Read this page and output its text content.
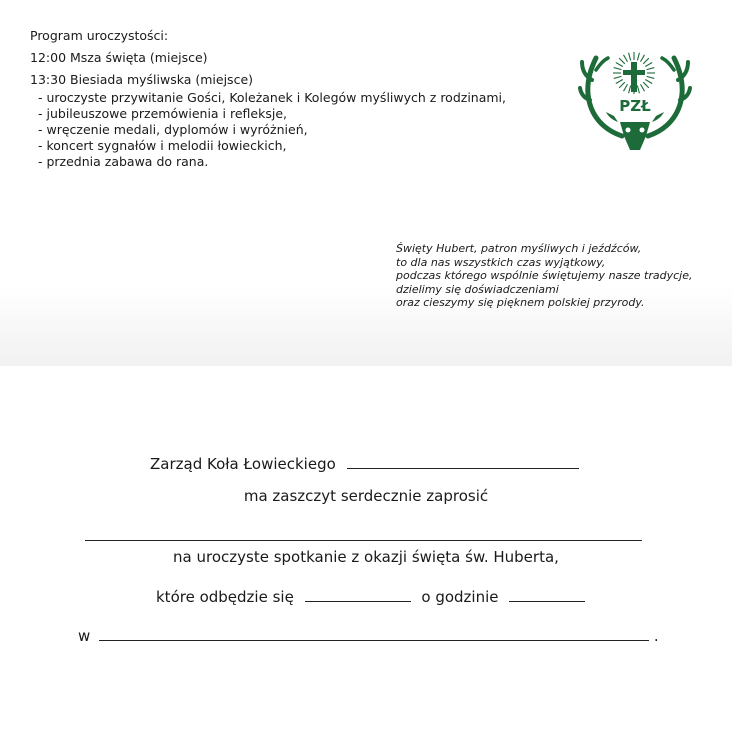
Program uroczystości:
12:00 Msza święta (miejsce)
13:30 Biesiada myśliwska (miejsce)
- uroczyste przywitanie Gości, Koleżanek i Kolegów myśliwych z rodzinami,
- jubileuszowe przemówienia i refleksje,
- wręczenie medali, dyplomów i wyróżnień,
- koncert sygnałów i melodii łowieckich,
- przednia zabawa do rana.
PZŁ
Święty Hubert, patron myśliwych i jeźdźców,
to dla nas wszystkich czas wyjątkowy,
podczas którego wspólnie świętujemy nasze tradycje,
dzielimy się doświadczeniami
oraz cieszymy się pięknem polskiej przyrody.
Zarząd Koła Łowieckiego
ma zaszczyt serdecznie zaprosić
na uroczyste spotkanie z okazji święta św. Huberta,
które odbędzie się	o godzinie
w	.
